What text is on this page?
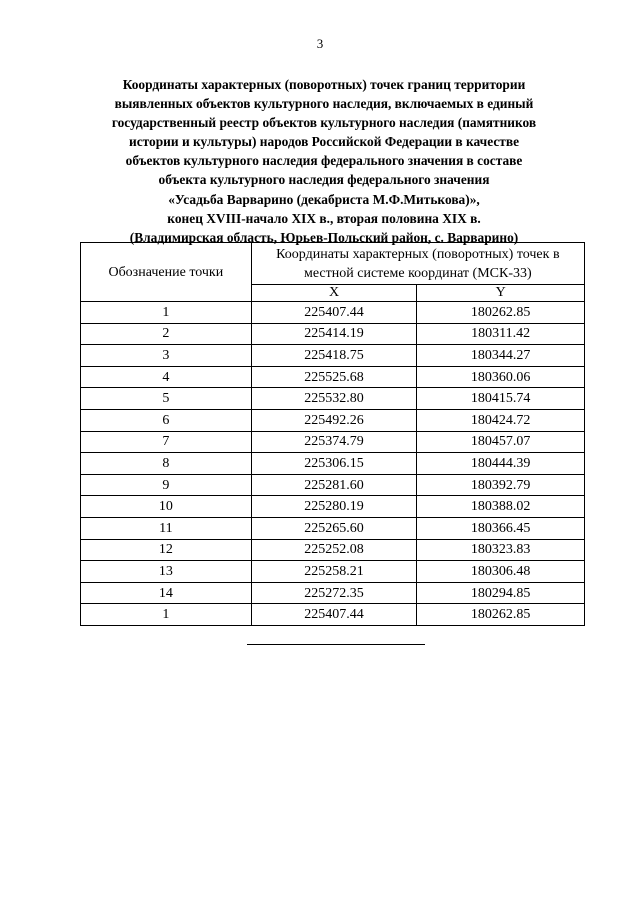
3
Координаты характерных (поворотных) точек границ территории
выявленных объектов культурного наследия, включаемых в единый
государственный реестр объектов культурного наследия (памятников
истории и культуры) народов Российской Федерации в качестве
объектов культурного наследия федерального значения в составе
объекта культурного наследия федерального значения
«Усадьба Варварино (декабриста М.Ф.Митькова)»,
конец XVIII-начало XIX в., вторая половина XIX в.
(Владимирская область, Юрьев-Польский район, с. Варварино)
Обозначение точки	Координаты характерных (поворотных) точек в
местной системе координат (МСК-33)	

	X	Y
1	225407.44	180262.85
2	225414.19	180311.42
3	225418.75	180344.27
4	225525.68	180360.06
5	225532.80	180415.74
6	225492.26	180424.72
7	225374.79	180457.07
8	225306.15	180444.39
9	225281.60	180392.79
10	225280.19	180388.02
11	225265.60	180366.45
12	225252.08	180323.83
13	225258.21	180306.48
14	225272.35	180294.85
1	225407.44	180262.85
